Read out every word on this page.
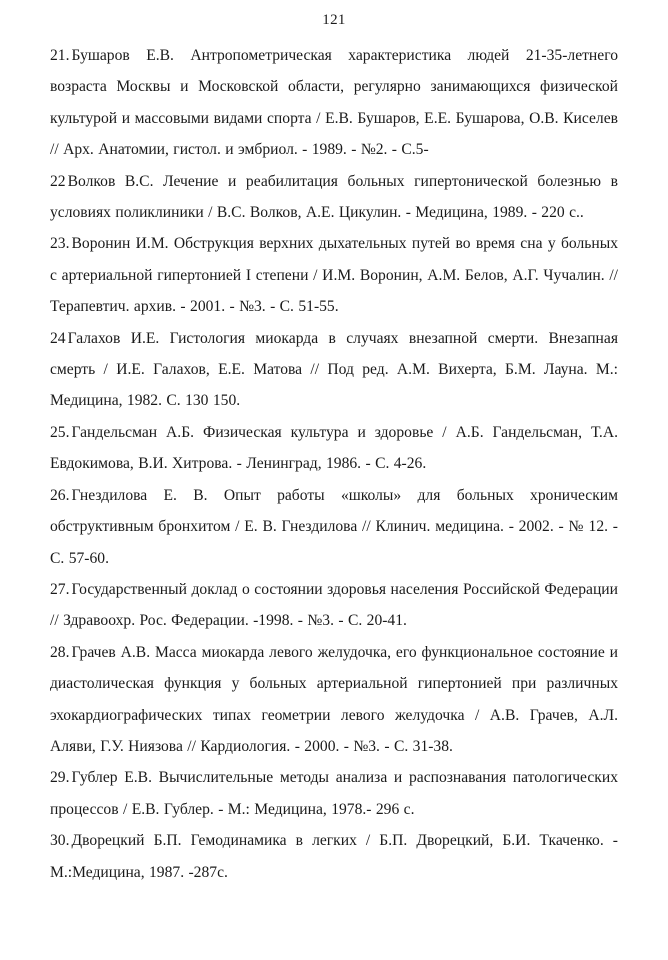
121

21. Бушаров Е.В. Антропометрическая характеристика людей 21-35-летнего возраста Москвы и Московской области, регулярно занимающихся физической культурой и массовыми видами спорта / Е.В. Бушаров, Е.Е. Бушарова, О.В. Киселев // Арх. Анатомии, гистол. и эмбриол. - 1989. - №2. - С.5-

22 Волков В.С. Лечение и реабилитация больных гипертонической болезнью в условиях поликлиники / В.С. Волков, А.Е. Цикулин. - Медицина, 1989. - 220 с..

23. Воронин И.М. Обструкция верхних дыхательных путей во время сна у больных с артериальной гипертонией I степени / И.М. Воронин, А.М. Белов, А.Г. Чучалин. // Терапевтич. архив. - 2001. - №3. - С. 51-55.

24 Галахов И.Е. Гистология миокарда в случаях внезапной смерти. Внезапная смерть / И.Е. Галахов, Е.Е. Матова // Под ред. А.М. Вихерта, Б.М. Лауна. М.: Медицина, 1982. С. 130 150.

25. Гандельсман А.Б. Физическая культура и здоровье / А.Б. Гандельсман, Т.А. Евдокимова, В.И. Хитрова. - Ленинград, 1986. - С. 4-26.

26. Гнездилова Е. В. Опыт работы «школы» для больных хроническим обструктивным бронхитом / Е. В. Гнездилова // Клинич. медицина. - 2002. - № 12. - С. 57-60.

27. Государственный доклад о состоянии здоровья населения Российской Федерации // Здравоохр. Рос. Федерации. -1998. - №3. - С. 20-41.

28. Грачев А.В. Масса миокарда левого желудочка, его функциональное состояние и диастолическая функция у больных артериальной гипертонией при различных эхокардиографических типах геометрии левого желудочка / А.В. Грачев, А.Л. Аляви, Г.У. Ниязова // Кардиология. - 2000. - №3. - С. 31-38.

29. Гублер Е.В. Вычислительные методы анализа и распознавания патологических процессов / Е.В. Гублер. - М.: Медицина, 1978.- 296 с.

30. Дворецкий Б.П. Гемодинамика в легких / Б.П. Дворецкий, Б.И. Ткаченко. - М.:Медицина, 1987. -287с.
